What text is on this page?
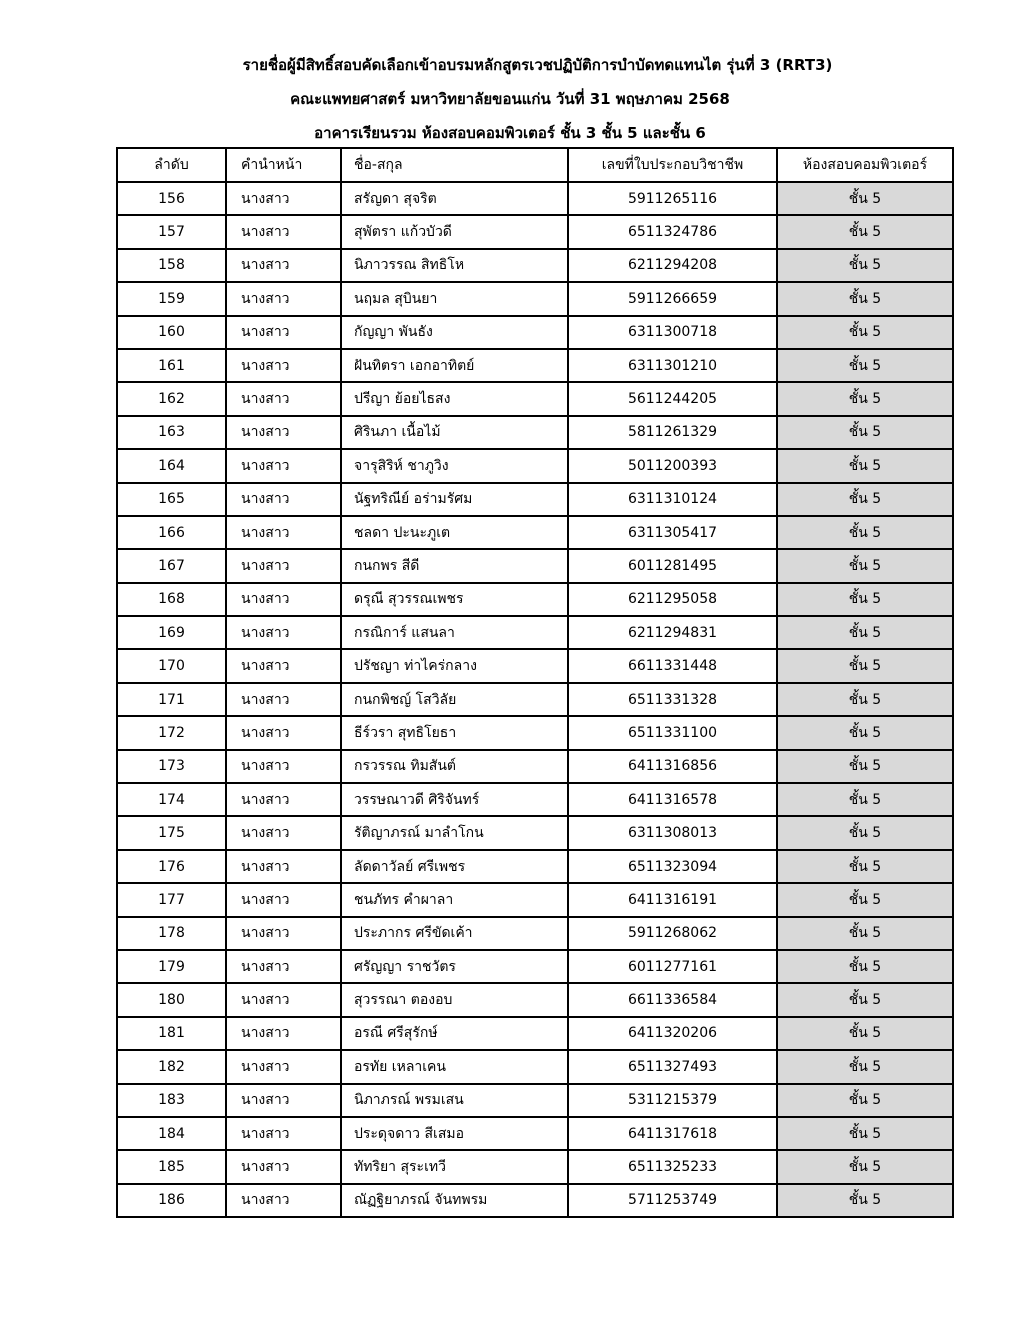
รายชื่อผู้มีสิทธิ์สอบคัดเลือกเข้าอบรมหลักสูตรเวชปฏิบัติการบำบัดทดแทนไต รุ่นที่ 3 (RRT3)
คณะแพทยศาสตร์ มหาวิทยาลัยขอนแก่น วันที่ 31 พฤษภาคม 2568
อาคารเรียนรวม ห้องสอบคอมพิวเตอร์ ชั้น 3 ชั้น 5 และชั้น 6
ลำดับ	คำนำหน้า	ชื่อ-สกุล	เลขที่ใบประกอบวิชาชีพ	ห้องสอบคอมพิวเตอร์
156	นางสาว	สรัญดา สุจริต	5911265116	ชั้น 5
157	นางสาว	สุพัตรา แก้วบัวดี	6511324786	ชั้น 5
158	นางสาว	นิภาวรรณ สิทธิโห	6211294208	ชั้น 5
159	นางสาว	นฤมล สุบินยา	5911266659	ชั้น 5
160	นางสาว	กัญญา พันธัง	6311300718	ชั้น 5
161	นางสาว	ฝันทิตรา เอกอาทิตย์	6311301210	ชั้น 5
162	นางสาว	ปรีญา ย้อยไธสง	5611244205	ชั้น 5
163	นางสาว	ศิรินภา เนื้อไม้	5811261329	ชั้น 5
164	นางสาว	จารุสิริห์ ชาภูวิง	5011200393	ชั้น 5
165	นางสาว	นัฐทริณีย์ อร่ามรัศม	6311310124	ชั้น 5
166	นางสาว	ชลดา ปะนะภูเต	6311305417	ชั้น 5
167	นางสาว	กนกพร สีดี	6011281495	ชั้น 5
168	นางสาว	ดรุณี สุวรรณเพชร	6211295058	ชั้น 5
169	นางสาว	กรณิการ์ แสนลา	6211294831	ชั้น 5
170	นางสาว	ปรัชญา ท่าไคร่กลาง	6611331448	ชั้น 5
171	นางสาว	กนกพิชญ์ โสวิลัย	6511331328	ชั้น 5
172	นางสาว	ธีร์วรา สุทธิโยธา	6511331100	ชั้น 5
173	นางสาว	กรวรรณ ทิมสันต์	6411316856	ชั้น 5
174	นางสาว	วรรษณาวดี ศิริจันทร์	6411316578	ชั้น 5
175	นางสาว	รัติญาภรณ์ มาลำโกน	6311308013	ชั้น 5
176	นางสาว	ลัดดาวัลย์ ศรีเพชร	6511323094	ชั้น 5
177	นางสาว	ชนภัทร คำผาลา	6411316191	ชั้น 5
178	นางสาว	ประภากร ศรีขัดเค้า	5911268062	ชั้น 5
179	นางสาว	ศรัญญา ราชวัตร	6011277161	ชั้น 5
180	นางสาว	สุวรรณา ตองอบ	6611336584	ชั้น 5
181	นางสาว	อรณี ศรีสุรักษ์	6411320206	ชั้น 5
182	นางสาว	อรทัย เหลาเคน	6511327493	ชั้น 5
183	นางสาว	นิภาภรณ์ พรมเสน	5311215379	ชั้น 5
184	นางสาว	ประดุจดาว สีเสมอ	6411317618	ชั้น 5
185	นางสาว	ทัทริยา สุระเทวี	6511325233	ชั้น 5
186	นางสาว	ณัฏฐิยาภรณ์ จันทพรม	5711253749	ชั้น 5
